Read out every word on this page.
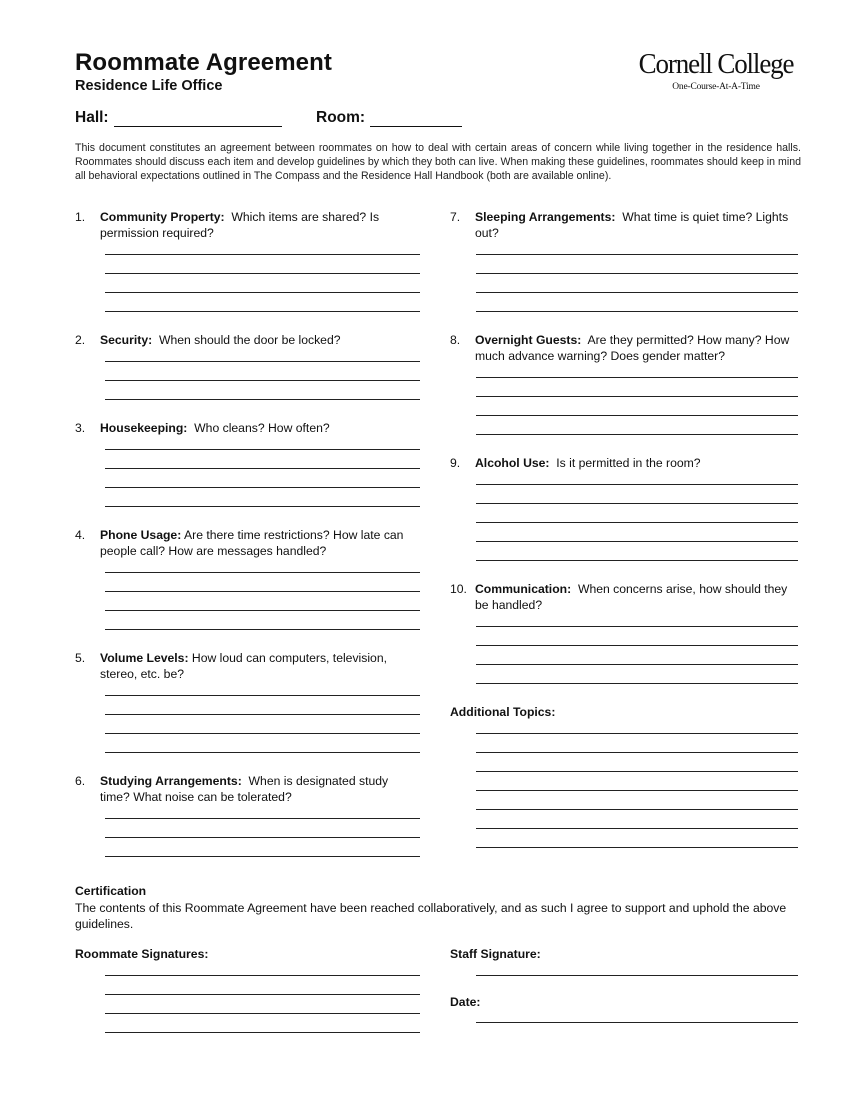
Roommate Agreement
Residence Life Office
Cornell College
One-Course-At-A-Time
Hall:	Room:
This document constitutes an agreement between roommates on how to deal with certain areas of concern while living together in the residence halls. Roommates should discuss each item and develop guidelines by which they both can live. When making these guidelines, roommates should keep in mind all behavioral expectations outlined in The Compass and the Residence Hall Handbook (both are available online).
1. Community Property: Which items are shared? Is permission required?
2. Security: When should the door be locked?
3. Housekeeping: Who cleans? How often?
4. Phone Usage: Are there time restrictions? How late can people call? How are messages handled?
5. Volume Levels: How loud can computers, television, stereo, etc. be?
6. Studying Arrangements: When is designated study time? What noise can be tolerated?
7. Sleeping Arrangements: What time is quiet time? Lights out?
8. Overnight Guests: Are they permitted? How many? How much advance warning? Does gender matter?
9. Alcohol Use: Is it permitted in the room?
10. Communication: When concerns arise, how should they be handled?
Additional Topics:
Certification
The contents of this Roommate Agreement have been reached collaboratively, and as such I agree to support and uphold the above guidelines.
Roommate Signatures:	Staff Signature:
Date:
